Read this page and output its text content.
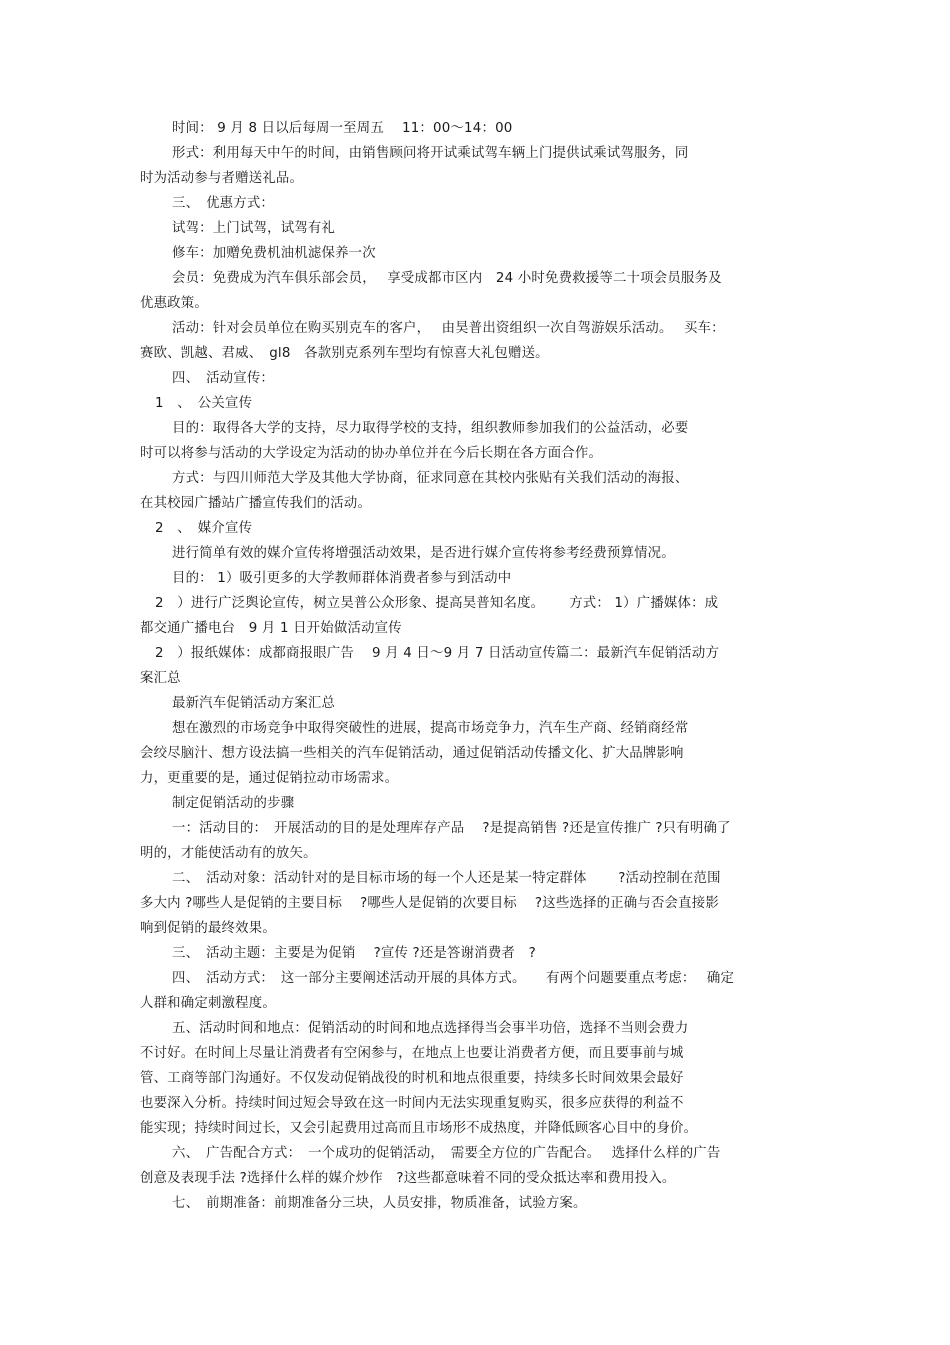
时间： 9 月 8 日以后每周一至周五　 11：00～14：00
形式：利用每天中午的时间，由销售顾问将开试乘试驾车辆上门提供试乘试驾服务，同
时为活动参与者赠送礼品。
三、　优惠方式：
试驾：上门试驾，试驾有礼
修车：加赠免费机油机滤保养一次
会员：免费成为汽车俱乐部会员，　 享受成都市区内　24 小时免费救援等二十项会员服务及
优惠政策。
活动：针对会员单位在购买别克车的客户，　 由昊普出资组织一次自驾游娱乐活动。　 买车：
赛欧、凯越、君威、　gl8　各款别克系列车型均有惊喜大礼包赠送。
四、　活动宣传：
1　、　公关宣传
目的：取得各大学的支持，尽力取得学校的支持，组织教师参加我们的公益活动，必要
时可以将参与活动的大学设定为活动的协办单位并在今后长期在各方面合作。
方式：与四川师范大学及其他大学协商，征求同意在其校内张贴有关我们活动的海报、
在其校园广播站广播宣传我们的活动。
2　、　媒介宣传
进行简单有效的媒介宣传将增强活动效果，是否进行媒介宣传将参考经费预算情况。
目的： 1）吸引更多的大学教师群体消费者参与到活动中
2　）进行广泛舆论宣传，树立昊普公众形象、提高昊普知名度。　　 方式： 1）广播媒体：成
都交通广播电台　9 月 1 日开始做活动宣传
2　）报纸媒体：成都商报眼广告　 9 月 4 日～9 月 7 日活动宣传篇二：最新汽车促销活动方
案汇总
最新汽车促销活动方案汇总
想在激烈的市场竞争中取得突破性的进展，提高市场竞争力，汽车生产商、经销商经常
会绞尽脑汁、想方设法搞一些相关的汽车促销活动，通过促销活动传播文化、扩大品牌影响
力，更重要的是，通过促销拉动市场需求。
制定促销活动的步骤
一：活动目的：　开展活动的目的是处理库存产品　 ?是提高销售 ?还是宣传推广 ?只有明确了
明的，才能使活动有的放矢。
二、　活动对象：活动针对的是目标市场的每一个人还是某一特定群体　　 ?活动控制在范围
多大内 ?哪些人是促销的主要目标　 ?哪些人是促销的次要目标　 ?这些选择的正确与否会直接影
响到促销的最终效果。
三、　活动主题：主要是为促销　 ?宣传 ?还是答谢消费者　?
四、　活动方式：　这一部分主要阐述活动开展的具体方式。　　有两个问题要重点考虑：　 确定
人群和确定刺激程度。
五、活动时间和地点：促销活动的时间和地点选择得当会事半功倍，选择不当则会费力
不讨好。在时间上尽量让消费者有空闲参与，在地点上也要让消费者方便，而且要事前与城
管、工商等部门沟通好。不仅发动促销战役的时机和地点很重要，持续多长时间效果会最好
也要深入分析。持续时间过短会导致在这一时间内无法实现重复购买，很多应获得的利益不
能实现；持续时间过长，又会引起费用过高而且市场形不成热度，并降低顾客心目中的身价。
六、　广告配合方式：　一个成功的促销活动，　需要全方位的广告配合。　 选择什么样的广告
创意及表现手法 ?选择什么样的媒介炒作　?这些都意味着不同的受众抵达率和费用投入。
七、　前期准备：前期准备分三块，人员安排，物质准备，试验方案。
